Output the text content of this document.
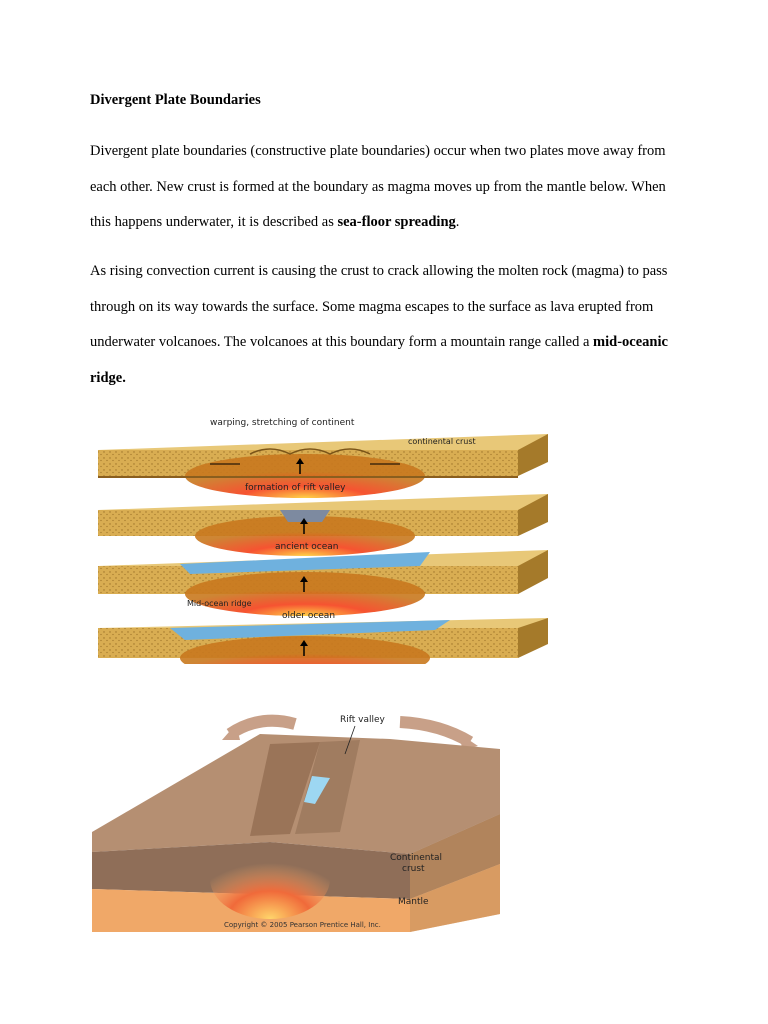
Divergent Plate Boundaries

Divergent plate boundaries (constructive plate boundaries) occur when two plates move away from each other. New crust is formed at the boundary as magma moves up from the mantle below. When this happens underwater, it is described as sea-floor spreading.

As rising convection current is causing the crust to crack allowing the molten rock (magma) to pass through on its way towards the surface. Some magma escapes to the surface as lava erupted from underwater volcanoes. The volcanoes at this boundary form a mountain range called a mid-oceanic ridge.

warping, stretching of continent
continental crust
formation of rift valley
ancient ocean
Mid-ocean ridge
older ocean
Rift valley
Continental
crust
Mantle
Copyright © 2005 Pearson Prentice Hall, Inc.
